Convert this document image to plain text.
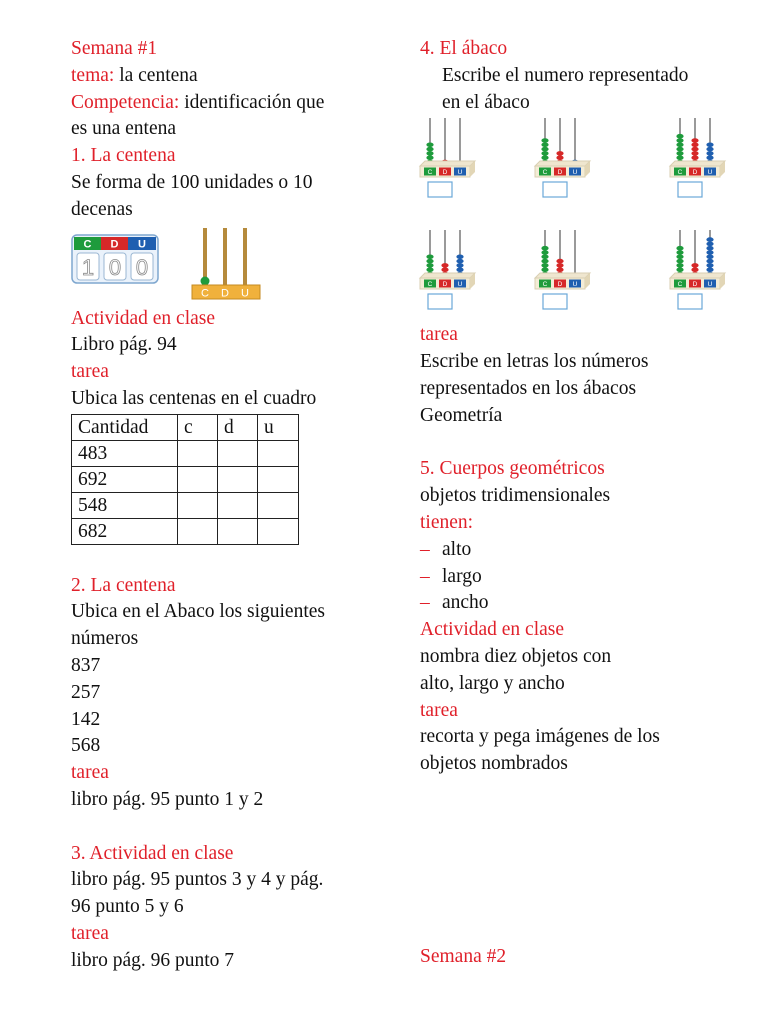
Semana #1
tema: la centena
Competencia: identificación que
es una entena
1. La centena
Se forma de 100 unidades o 10
decenas
C D U
1 0 0
C D U
Actividad en clase
Libro pág. 94
tarea
Ubica las centenas en el cuadro
Cantidad	c	d	u
483			
692			
548			
682			
2. La centena
Ubica en el Abaco los siguientes
números
837
257
142
568
tarea
libro pág. 95 punto 1 y 2
3. Actividad en clase
libro pág. 95 puntos 3 y 4 y pág.
96 punto 5 y 6
tarea
libro pág. 96 punto 7
4. El ábaco
Escribe el numero representado
en el ábaco
C D U	C D U	C D U
C D U	C D U	C D U
tarea
Escribe en letras los números
representados en los ábacos
Geometría
5. Cuerpos geométricos
objetos tridimensionales
tienen:
– alto
– largo
– ancho
Actividad en clase
nombra diez objetos con
alto, largo y ancho
tarea
recorta y pega imágenes de los
objetos nombrados
Semana #2
